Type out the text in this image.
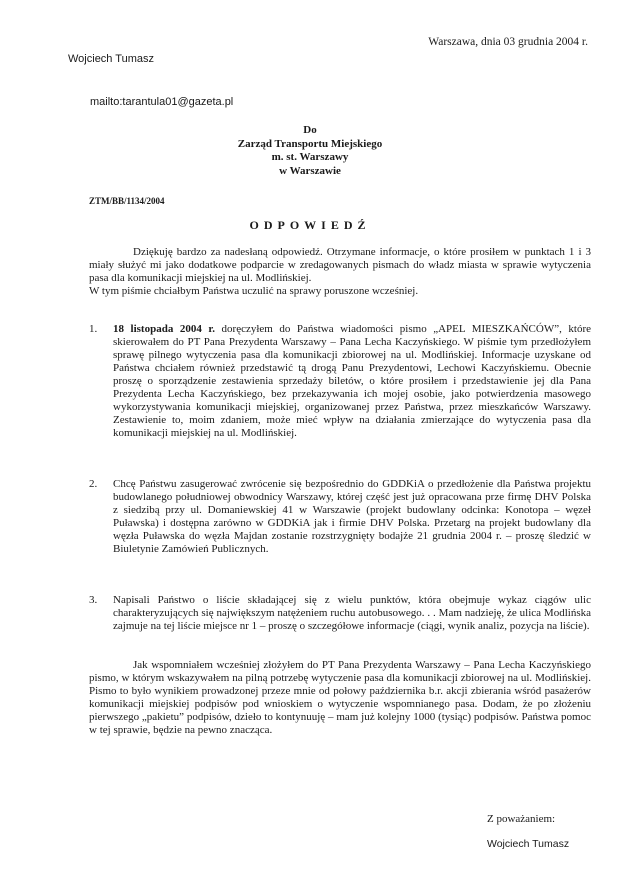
Warszawa, dnia 03 grudnia 2004 r.

Wojciech Tumasz

mailto:tarantula01@gazeta.pl

Do
Zarząd Transportu Miejskiego
m. st. Warszawy
w Warszawie

ZTM/BB/1134/2004

ODPOWIEDŹ

Dziękuję bardzo za nadesłaną odpowiedź. Otrzymane informacje, o które prosiłem w punktach 1 i 3 miały służyć mi jako dodatkowe podparcie w zredagowanych pismach do władz miasta w sprawie wytyczenia pasa dla komunikacji miejskiej na ul. Modlińskiej.

W tym piśmie chciałbym Państwa uczulić na sprawy poruszone wcześniej.

1. 18 listopada 2004 r. doręczyłem do Państwa wiadomości pismo „APEL MIESZKAŃCÓW”, które skierowałem do PT Pana Prezydenta Warszawy – Pana Lecha Kaczyńskiego. W piśmie tym przedłożyłem sprawę pilnego wytyczenia pasa dla komunikacji zbiorowej na ul. Modlińskiej. Informacje uzyskane od Państwa chciałem również przedstawić tą drogą Panu Prezydentowi, Lechowi Kaczyńskiemu. Obecnie proszę o sporządzenie zestawienia sprzedaży biletów, o które prosiłem i przedstawienie jej dla Pana Prezydenta Lecha Kaczyńskiego, bez przekazywania ich mojej osobie, jako potwierdzenia masowego wykorzystywania komunikacji miejskiej, organizowanej przez Państwa, przez mieszkańców Warszawy. Zestawienie to, moim zdaniem, może mieć wpływ na działania zmierzające do wytyczenia pasa dla komunikacji miejskiej na ul. Modlińskiej.
2. Chcę Państwu zasugerować zwrócenie się bezpośrednio do GDDKiA o przedłożenie dla Państwa projektu budowlanego południowej obwodnicy Warszawy, której część jest już opracowana prze firmę DHV Polska z siedzibą przy ul. Domaniewskiej 41 w Warszawie (projekt budowlany odcinka: Konotopa – węzeł Puławska) i dostępna zarówno w GDDKiA jak i firmie DHV Polska. Przetarg na projekt budowlany dla węzła Puławska do węzła Majdan zostanie rozstrzygnięty bodajże 21 grudnia 2004 r. – proszę śledzić w Biuletynie Zamówień Publicznych.
3. Napisali Państwo o liście składającej się z wielu punktów, która obejmuje wykaz ciągów ulic charakteryzujących się największym natężeniem ruchu autobusowego. . . Mam nadzieję, że ulica Modlińska zajmuje na tej liście miejsce nr 1 – proszę o szczegółowe informacje (ciągi, wynik analiz, pozycja na liście).

Jak wspomniałem wcześniej złożyłem do PT Pana Prezydenta Warszawy – Pana Lecha Kaczyńskiego pismo, w którym wskazywałem na pilną potrzebę wytyczenie pasa dla komunikacji zbiorowej na ul. Modlińskiej. Pismo to było wynikiem prowadzonej przeze mnie od połowy października b.r. akcji zbierania wśród pasażerów komunikacji miejskiej podpisów pod wnioskiem o wytyczenie wspomnianego pasa. Dodam, że po złożeniu pierwszego „pakietu” podpisów, dzieło to kontynuuję – mam już kolejny 1000 (tysiąc) podpisów. Państwa pomoc w tej sprawie, będzie na pewno znacząca.

Z poważaniem:

Wojciech Tumasz
